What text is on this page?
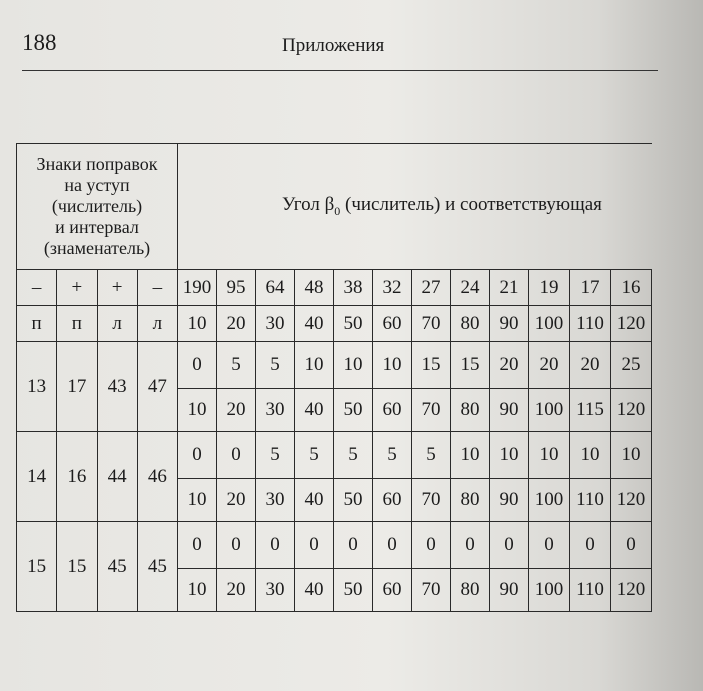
188	Приложения
Знаки поправок
на уступ
(числитель)
и интервал
(знаменатель)				Угол $\beta_0$ (числитель) и соответствующая											
–	+	+	–	190	95	64	48	38	32	27	24	21	19	17	16
п	п	л	л	10	20	30	40	50	60	70	80	90	100	110	120
13	17	43	47	0	5	5	10	10	10	15	15	20	20	20	25
				10	20	30	40	50	60	70	80	90	100	115	120
14	16	44	46	0	0	5	5	5	5	5	10	10	10	10	10
				10	20	30	40	50	60	70	80	90	100	110	120
15	15	45	45	0	0	0	0	0	0	0	0	0	0	0	0
				10	20	30	40	50	60	70	80	90	100	110	120
